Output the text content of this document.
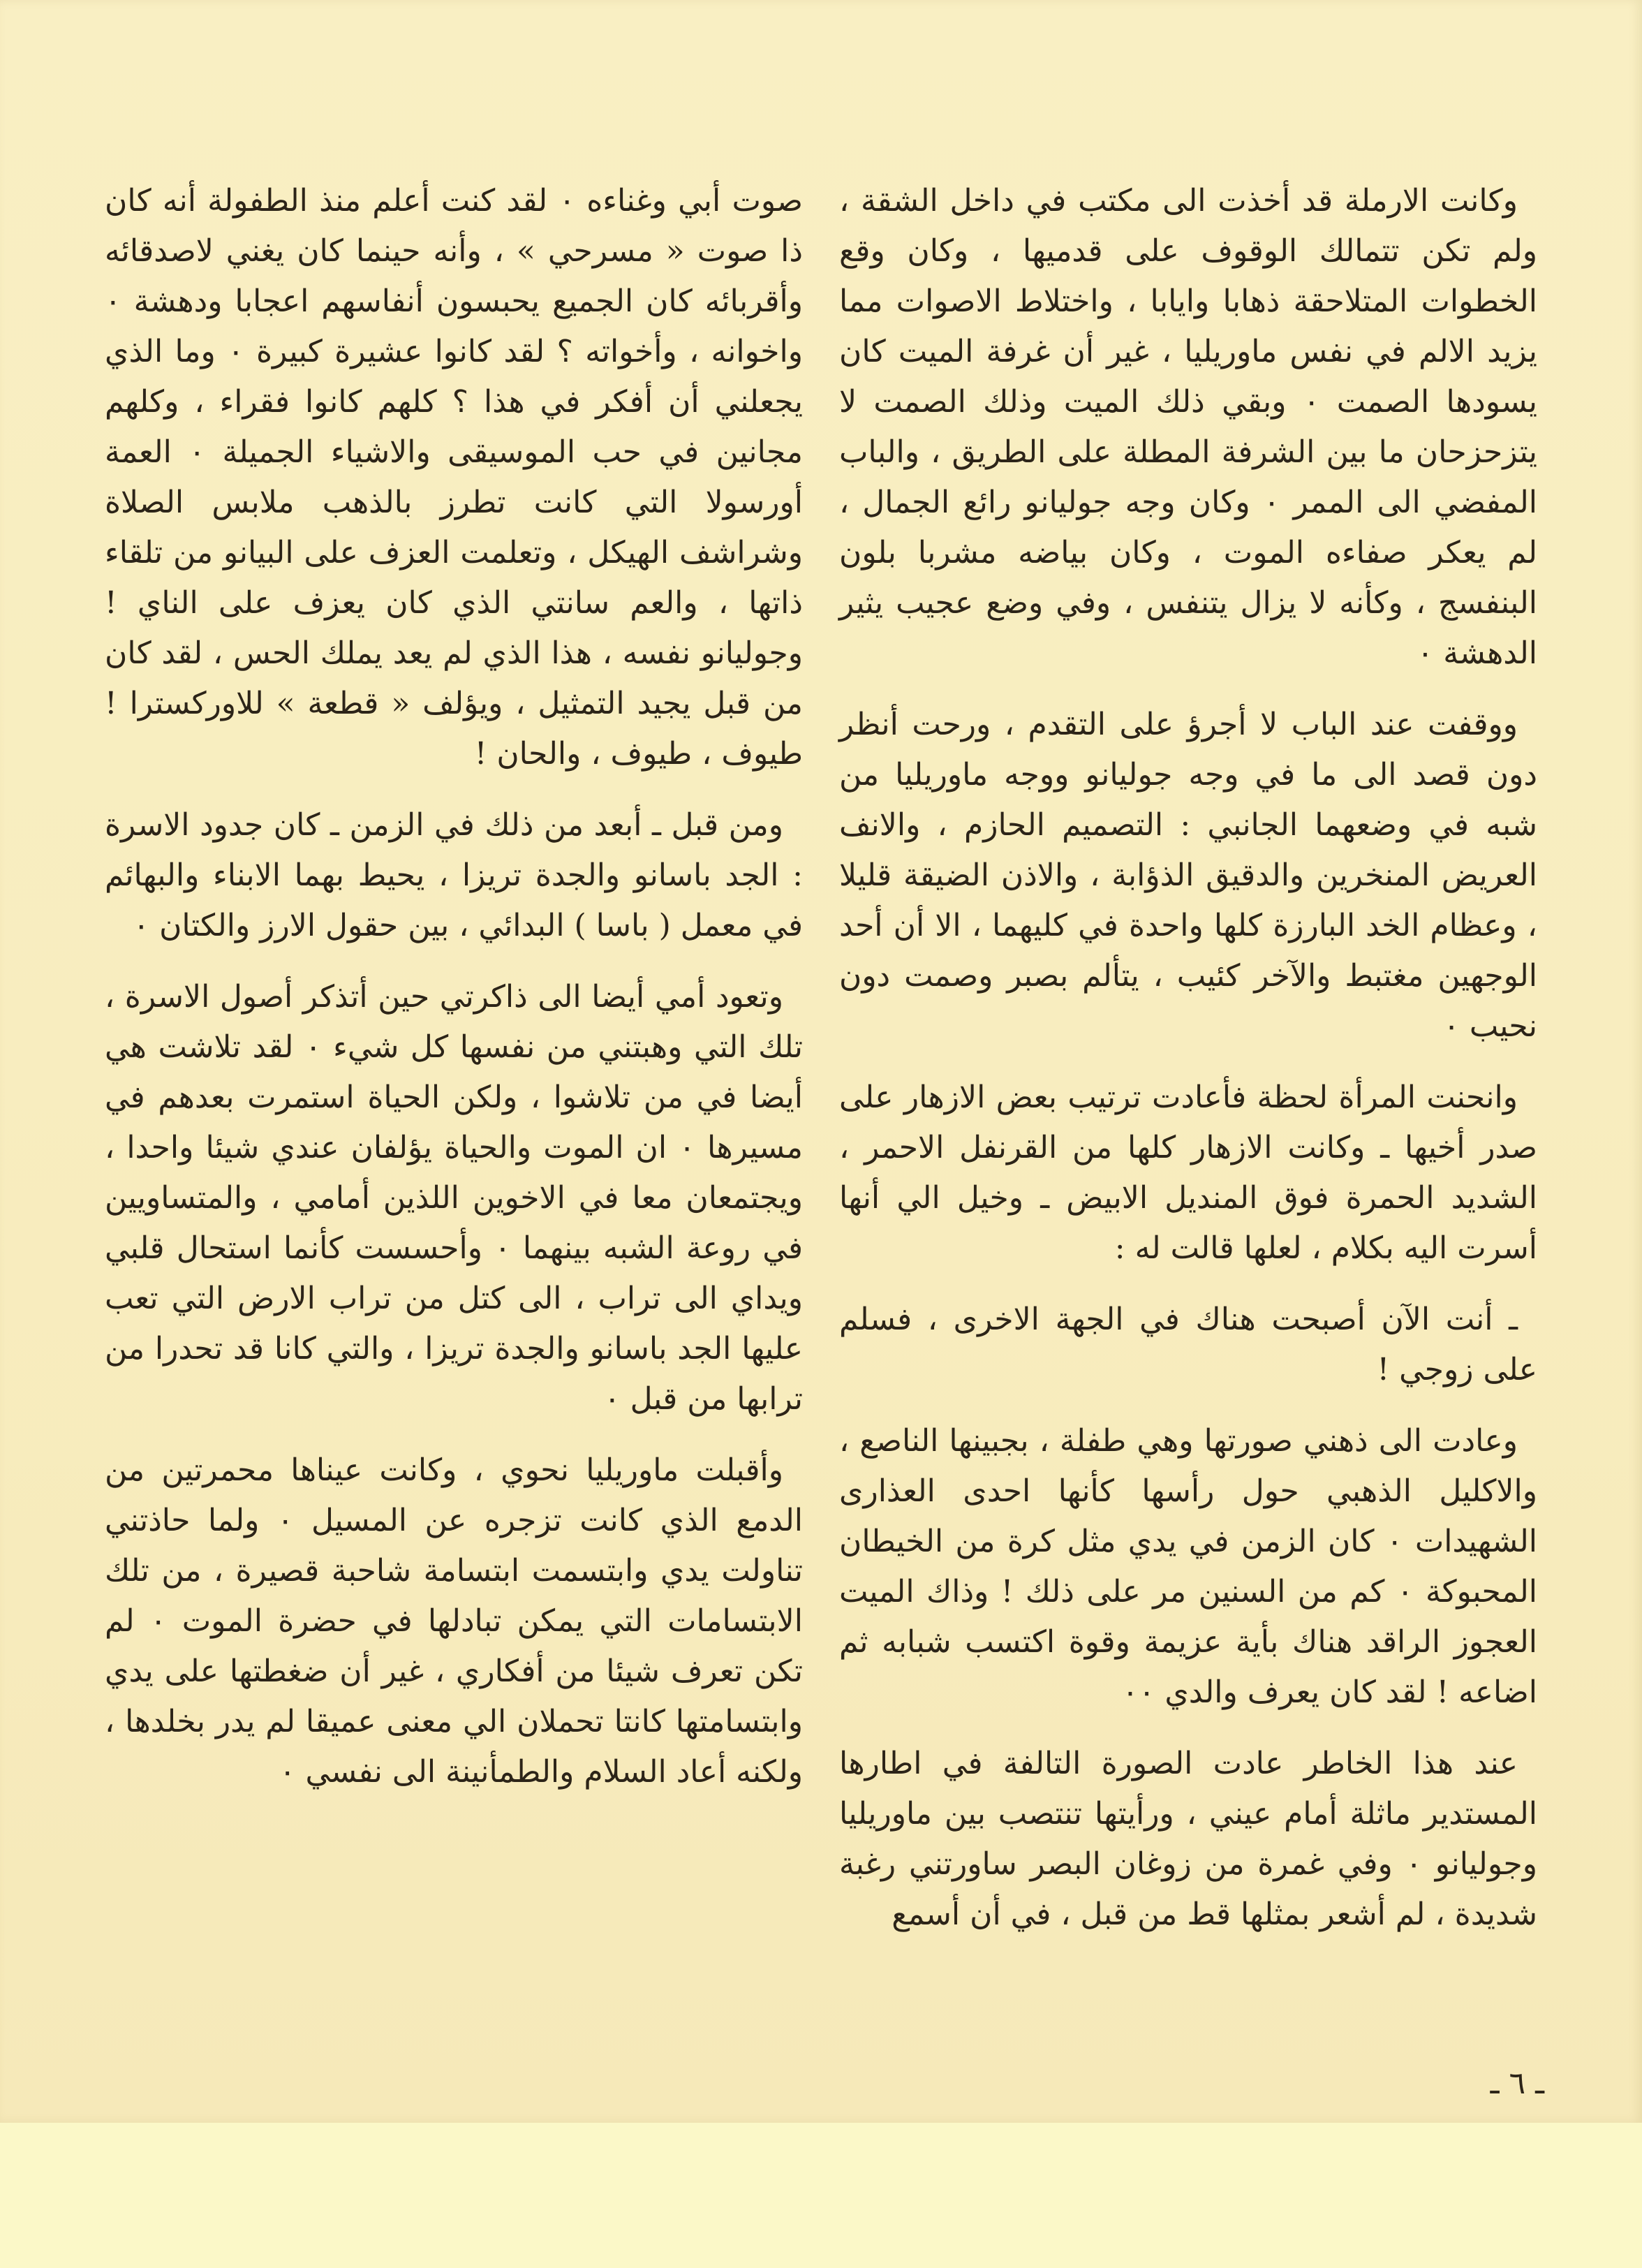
وكانت الارملة قد أخذت الى مكتب في داخل الشقة ، ولم تكن تتمالك الوقوف على قدميها ، وكان وقع الخطوات المتلاحقة ذهابا وايابا ، واختلاط الاصوات مما يزيد الالم في نفس ماوريليا ، غير أن غرفة الميت كان يسودها الصمت ٠ وبقي ذلك الميت وذلك الصمت لا يتزحزحان ما بين الشرفة المطلة على الطريق ، والباب المفضي الى الممر ٠ وكان وجه جوليانو رائع الجمال ، لم يعكر صفاءه الموت ، وكان بياضه مشربا بلون البنفسج ، وكأنه لا يزال يتنفس ، وفي وضع عجيب يثير الدهشة ٠

ووقفت عند الباب لا أجرؤ على التقدم ، ورحت أنظر دون قصد الى ما في وجه جوليانو ووجه ماوريليا من شبه في وضعهما الجانبي : التصميم الحازم ، والانف العريض المنخرين والدقيق الذؤابة ، والاذن الضيقة قليلا ، وعظام الخد البارزة كلها واحدة في كليهما ، الا أن أحد الوجهين مغتبط والآخر كئيب ، يتألم بصبر وصمت دون نحيب ٠

وانحنت المرأة لحظة فأعادت ترتيب بعض الازهار على صدر أخيها ـ وكانت الازهار كلها من القرنفل الاحمر ، الشديد الحمرة فوق المنديل الابيض ـ وخيل الي أنها أسرت اليه بكلام ، لعلها قالت له :

ـ أنت الآن أصبحت هناك في الجهة الاخرى ، فسلم على زوجي !

وعادت الى ذهني صورتها وهي طفلة ، بجبينها الناصع ، والاكليل الذهبي حول رأسها كأنها احدى العذارى الشهيدات ٠ كان الزمن في يدي مثل كرة من الخيطان المحبوكة ٠ كم من السنين مر على ذلك ! وذاك الميت العجوز الراقد هناك بأية عزيمة وقوة اكتسب شبابه ثم اضاعه ! لقد كان يعرف والدي ٠٠

عند هذا الخاطر عادت الصورة التالفة في اطارها المستدير ماثلة أمام عيني ، ورأيتها تنتصب بين ماوريليا وجوليانو ٠ وفي غمرة من زوغان البصر ساورتني رغبة شديدة ، لم أشعر بمثلها قط من قبل ، في أن أسمع

صوت أبي وغناءه ٠ لقد كنت أعلم منذ الطفولة أنه كان ذا صوت « مسرحي » ، وأنه حينما كان يغني لاصدقائه وأقربائه كان الجميع يحبسون أنفاسهم اعجابا ودهشة ٠ واخوانه ، وأخواته ؟ لقد كانوا عشيرة كبيرة ٠ وما الذي يجعلني أن أفكر في هذا ؟ كلهم كانوا فقراء ، وكلهم مجانين في حب الموسيقى والاشياء الجميلة ٠ العمة أورسولا التي كانت تطرز بالذهب ملابس الصلاة وشراشف الهيكل ، وتعلمت العزف على البيانو من تلقاء ذاتها ، والعم سانتي الذي كان يعزف على الناي ! وجوليانو نفسه ، هذا الذي لم يعد يملك الحس ، لقد كان من قبل يجيد التمثيل ، ويؤلف « قطعة » للاوركسترا ! طيوف ، طيوف ، والحان !

ومن قبل ـ أبعد من ذلك في الزمن ـ كان جدود الاسرة : الجد باسانو والجدة تريزا ، يحيط بهما الابناء والبهائم في معمل ( باسا ) البدائي ، بين حقول الارز والكتان ٠

وتعود أمي أيضا الى ذاكرتي حين أتذكر أصول الاسرة ، تلك التي وهبتني من نفسها كل شيء ٠ لقد تلاشت هي أيضا في من تلاشوا ، ولكن الحياة استمرت بعدهم في مسيرها ٠ ان الموت والحياة يؤلفان عندي شيئا واحدا ، ويجتمعان معا في الاخوين اللذين أمامي ، والمتساويين في روعة الشبه بينهما ٠ وأحسست كأنما استحال قلبي ويداي الى تراب ، الى كتل من تراب الارض التي تعب عليها الجد باسانو والجدة تريزا ، والتي كانا قد تحدرا من ترابها من قبل ٠

وأقبلت ماوريليا نحوي ، وكانت عيناها محمرتين من الدمع الذي كانت تزجره عن المسيل ٠ ولما حاذتني تناولت يدي وابتسمت ابتسامة شاحبة قصيرة ، من تلك الابتسامات التي يمكن تبادلها في حضرة الموت ٠ لم تكن تعرف شيئا من أفكاري ، غير أن ضغطتها على يدي وابتسامتها كانتا تحملان الي معنى عميقا لم يدر بخلدها ، ولكنه أعاد السلام والطمأنينة الى نفسي ٠

ـ ٦ ـ
